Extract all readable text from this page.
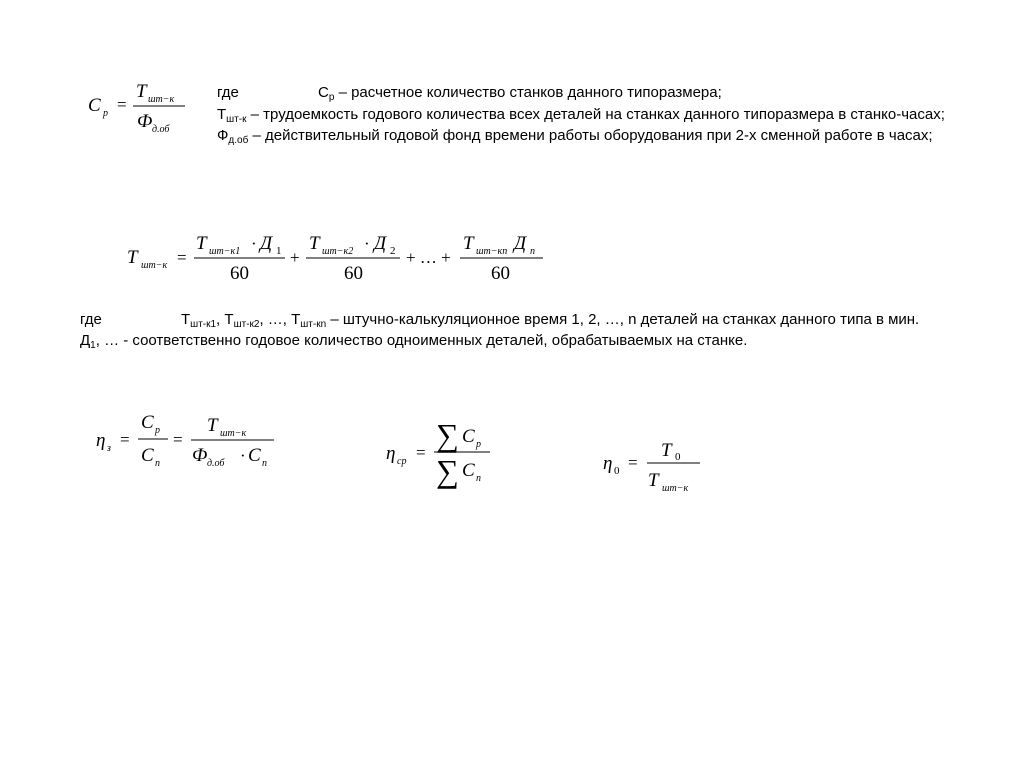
где	$С_р$ – расчетное количество станков данного типоразмера;
$Т_{шт-к}$ – трудоемкость годового количества всех деталей на станках данного типоразмера в станко-часах;
$Ф_{д.об}$ – действительный годовой фонд времени работы оборудования при 2-х сменной работе в часах;
где	$Т_{шт-к1}$, $Т_{шт-к2}$, …, $Т_{шт-кn}$ – штучно-калькуляционное время 1, 2, …, n деталей на станках данного типа в мин.
$Д_1$, … - соответственно годовое количество одноименных деталей, обрабатываемых на станке.
C р =
T шт−к
Ф д.об
T шт−к =
T шт−к1 · Д 1
60
+
T шт−к2 · Д 2
60
+ … +
T шт−кn Д n
60
η з =
C р
C п
=
T шт−к
Ф д.об · C п	η ср = ∑ C р
∑ C п
η 0 =
T 0
T шт−к
